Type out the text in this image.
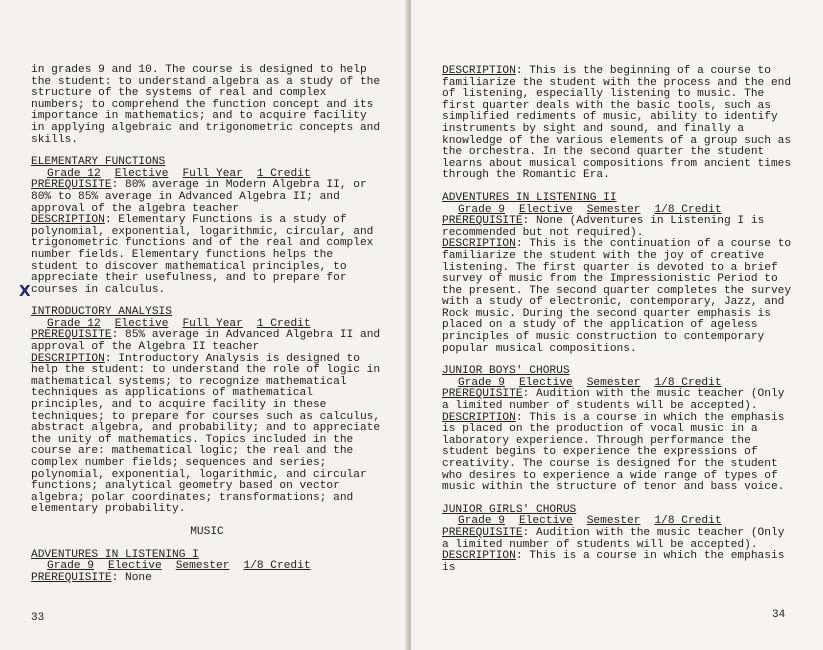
in grades 9 and 10. The course is designed to help the student: to understand algebra as a study of the structure of the systems of real and complex numbers; to comprehend the function concept and its importance in mathematics; and to acquire facility in applying algebraic and trigonometric concepts and skills.

ELEMENTARY FUNCTIONS

Grade 12 Elective Full Year 1 Credit

PREREQUISITE: 80% average in Modern Algebra II, or 80% to 85% average in Advanced Algebra II; and approval of the algebra teacher

DESCRIPTION: Elementary Functions is a study of polynomial, exponential, logarithmic, circular, and trigonometric functions and of the real and complex number fields. Elementary functions helps the student to discover mathematical principles, to appreciate their usefulness, and to prepare for courses in calculus.

INTRODUCTORY ANALYSIS

Grade 12 Elective Full Year 1 Credit

PREREQUISITE: 85% average in Advanced Algebra II and approval of the Algebra II teacher

DESCRIPTION: Introductory Analysis is designed to help the student: to understand the role of logic in mathematical systems; to recognize mathematical techniques as applications of mathematical principles, and to acquire facility in these techniques; to prepare for courses such as calculus, abstract algebra, and probability; and to appreciate the unity of mathematics. Topics included in the course are: mathematical logic; the real and the complex number fields; sequences and series; polynomial, exponential, logarithmic, and circular functions; analytical geometry based on vector algebra; polar coordinates; transformations; and elementary probability.

MUSIC

ADVENTURES IN LISTENING I

Grade 9 Elective Semester 1/8 Credit

PREREQUISITE: None

X
33

DESCRIPTION: This is the beginning of a course to familiarize the student with the process and the end of listening, especially listening to music. The first quarter deals with the basic tools, such as simplified rediments of music, ability to identify instruments by sight and sound, and finally a knowledge of the various elements of a group such as the orchestra. In the second quarter the student learns about musical compositions from ancient times through the Romantic Era.

ADVENTURES IN LISTENING II

Grade 9 Elective Semester 1/8 Credit

PREREQUISITE: None (Adventures in Listening I is recommended but not required).

DESCRIPTION: This is the continuation of a course to familiarize the student with the joy of creative listening. The first quarter is devoted to a brief survey of music from the Impressionistic Period to the present. The second quarter completes the survey with a study of electronic, contemporary, Jazz, and Rock music. During the second quarter emphasis is placed on a study of the application of ageless principles of music construction to contemporary popular musical compositions.

JUNIOR BOYS' CHORUS

Grade 9 Elective Semester 1/8 Credit

PREREQUISITE: Audition with the music teacher (Only a limited number of students will be accepted).

DESCRIPTION: This is a course in which the emphasis is placed on the production of vocal music in a laboratory experience. Through performance the student begins to experience the expressions of creativity. The course is designed for the student who desires to experience a wide range of types of music within the structure of tenor and bass voice.

JUNIOR GIRLS' CHORUS

Grade 9 Elective Semester 1/8 Credit

PREREQUISITE: Audition with the music teacher (Only a limited number of students will be accepted).

DESCRIPTION: This is a course in which the emphasis is

34
